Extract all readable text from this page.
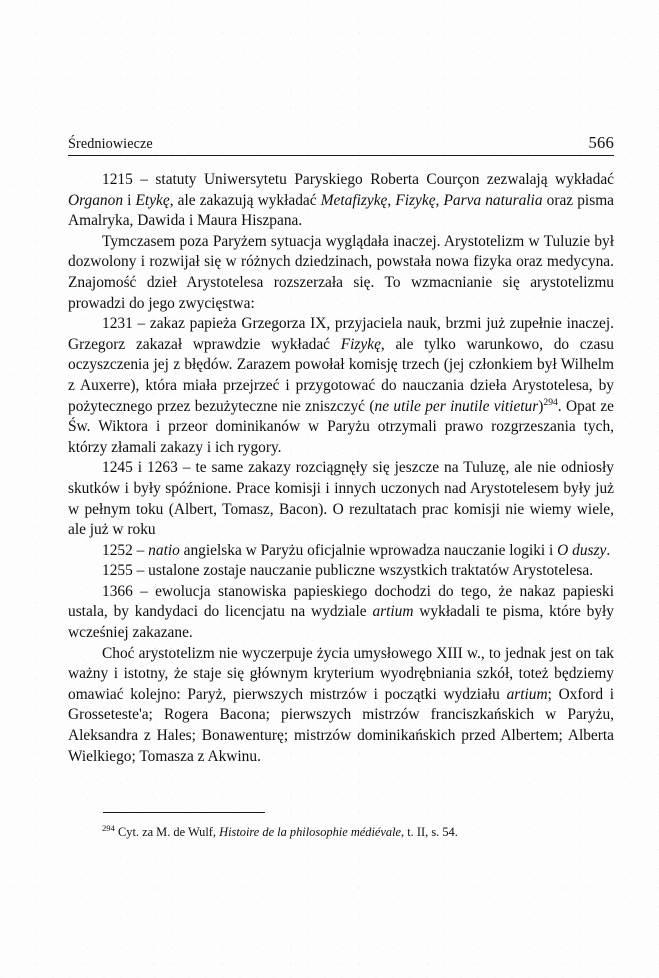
Średniowiecze	566

1215 – statuty Uniwersytetu Paryskiego Roberta Courçon zezwalają wykładać Organon i Etykę, ale zakazują wykładać Metafizykę, Fizykę, Parva naturalia oraz pisma Amalryka, Dawida i Maura Hiszpana.

Tymczasem poza Paryżem sytuacja wyglądała inaczej. Arystotelizm w Tuluzie był dozwolony i rozwijał się w różnych dziedzinach, powstała nowa fizyka oraz medycyna. Znajomość dzieł Arystotelesa rozszerzała się. To wzmacnianie się arystotelizmu prowadzi do jego zwycięstwa:

1231 – zakaz papieża Grzegorza IX, przyjaciela nauk, brzmi już zupełnie inaczej. Grzegorz zakazał wprawdzie wykładać Fizykę, ale tylko warunkowo, do czasu oczyszczenia jej z błędów. Zarazem powołał komisję trzech (jej członkiem był Wilhelm z Auxerre), która miała przejrzeć i przygotować do nauczania dzieła Arystotelesa, by pożytecznego przez bezużyteczne nie zniszczyć (ne utile per inutile vitietur)$^{294}$. Opat ze Św. Wiktora i przeor dominikanów w Paryżu otrzymali prawo rozgrzeszania tych, którzy złamali zakazy i ich rygory.

1245 i 1263 – te same zakazy rozciągnęły się jeszcze na Tuluzę, ale nie odniosły skutków i były spóźnione. Prace komisji i innych uczonych nad Arystotelesem były już w pełnym toku (Albert, Tomasz, Bacon). O rezultatach prac komisji nie wiemy wiele, ale już w roku

1252 – natio angielska w Paryżu oficjalnie wprowadza nauczanie logiki i O duszy.

1255 – ustalone zostaje nauczanie publiczne wszystkich traktatów Arystotelesa.

1366 – ewolucja stanowiska papieskiego dochodzi do tego, że nakaz papieski ustala, by kandydaci do licencjatu na wydziale artium wykładali te pisma, które były wcześniej zakazane.

Choć arystotelizm nie wyczerpuje życia umysłowego XIII w., to jednak jest on tak ważny i istotny, że staje się głównym kryterium wyodrębniania szkół, toteż będziemy omawiać kolejno: Paryż, pierwszych mistrzów i początki wydziału artium; Oxford i Grosseteste'a; Rogera Bacona; pierwszych mistrzów franciszkańskich w Paryżu, Aleksandra z Hales; Bonawenturę; mistrzów dominikańskich przed Albertem; Alberta Wielkiego; Tomasza z Akwinu.

$^{294}$ Cyt. za M. de Wulf, Histoire de la philosophie médiévale, t. II, s. 54.
